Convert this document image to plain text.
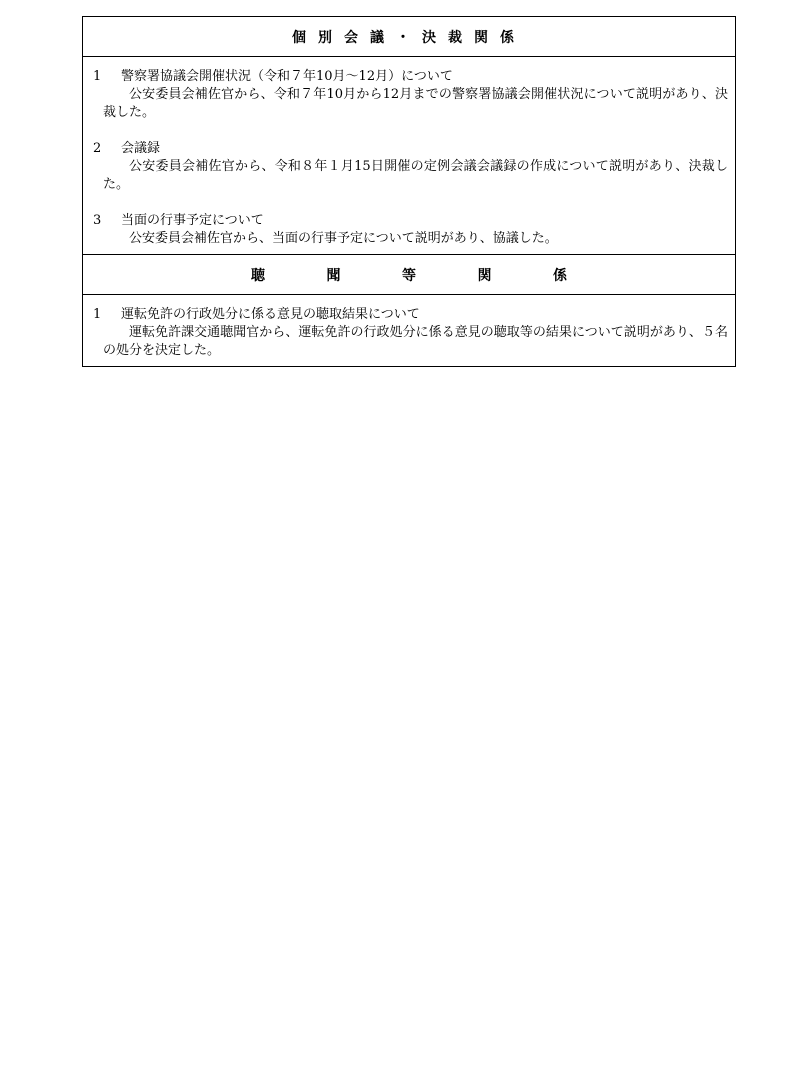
個別会議・決裁関係
1	警察署協議会開催状況（令和７年10月～12月）について
公安委員会補佐官から、令和７年10月から12月までの警察署協議会開催状況について説明があり、決裁した。
2	会議録
公安委員会補佐官から、令和８年１月15日開催の定例会議会議録の作成について説明があり、決裁した。
3	当面の行事予定について
公安委員会補佐官から、当面の行事予定について説明があり、協議した。
聴	聞	等	関	係
1	運転免許の行政処分に係る意見の聴取結果について
運転免許課交通聴聞官から、運転免許の行政処分に係る意見の聴取等の結果について説明があり、５名の処分を決定した。
